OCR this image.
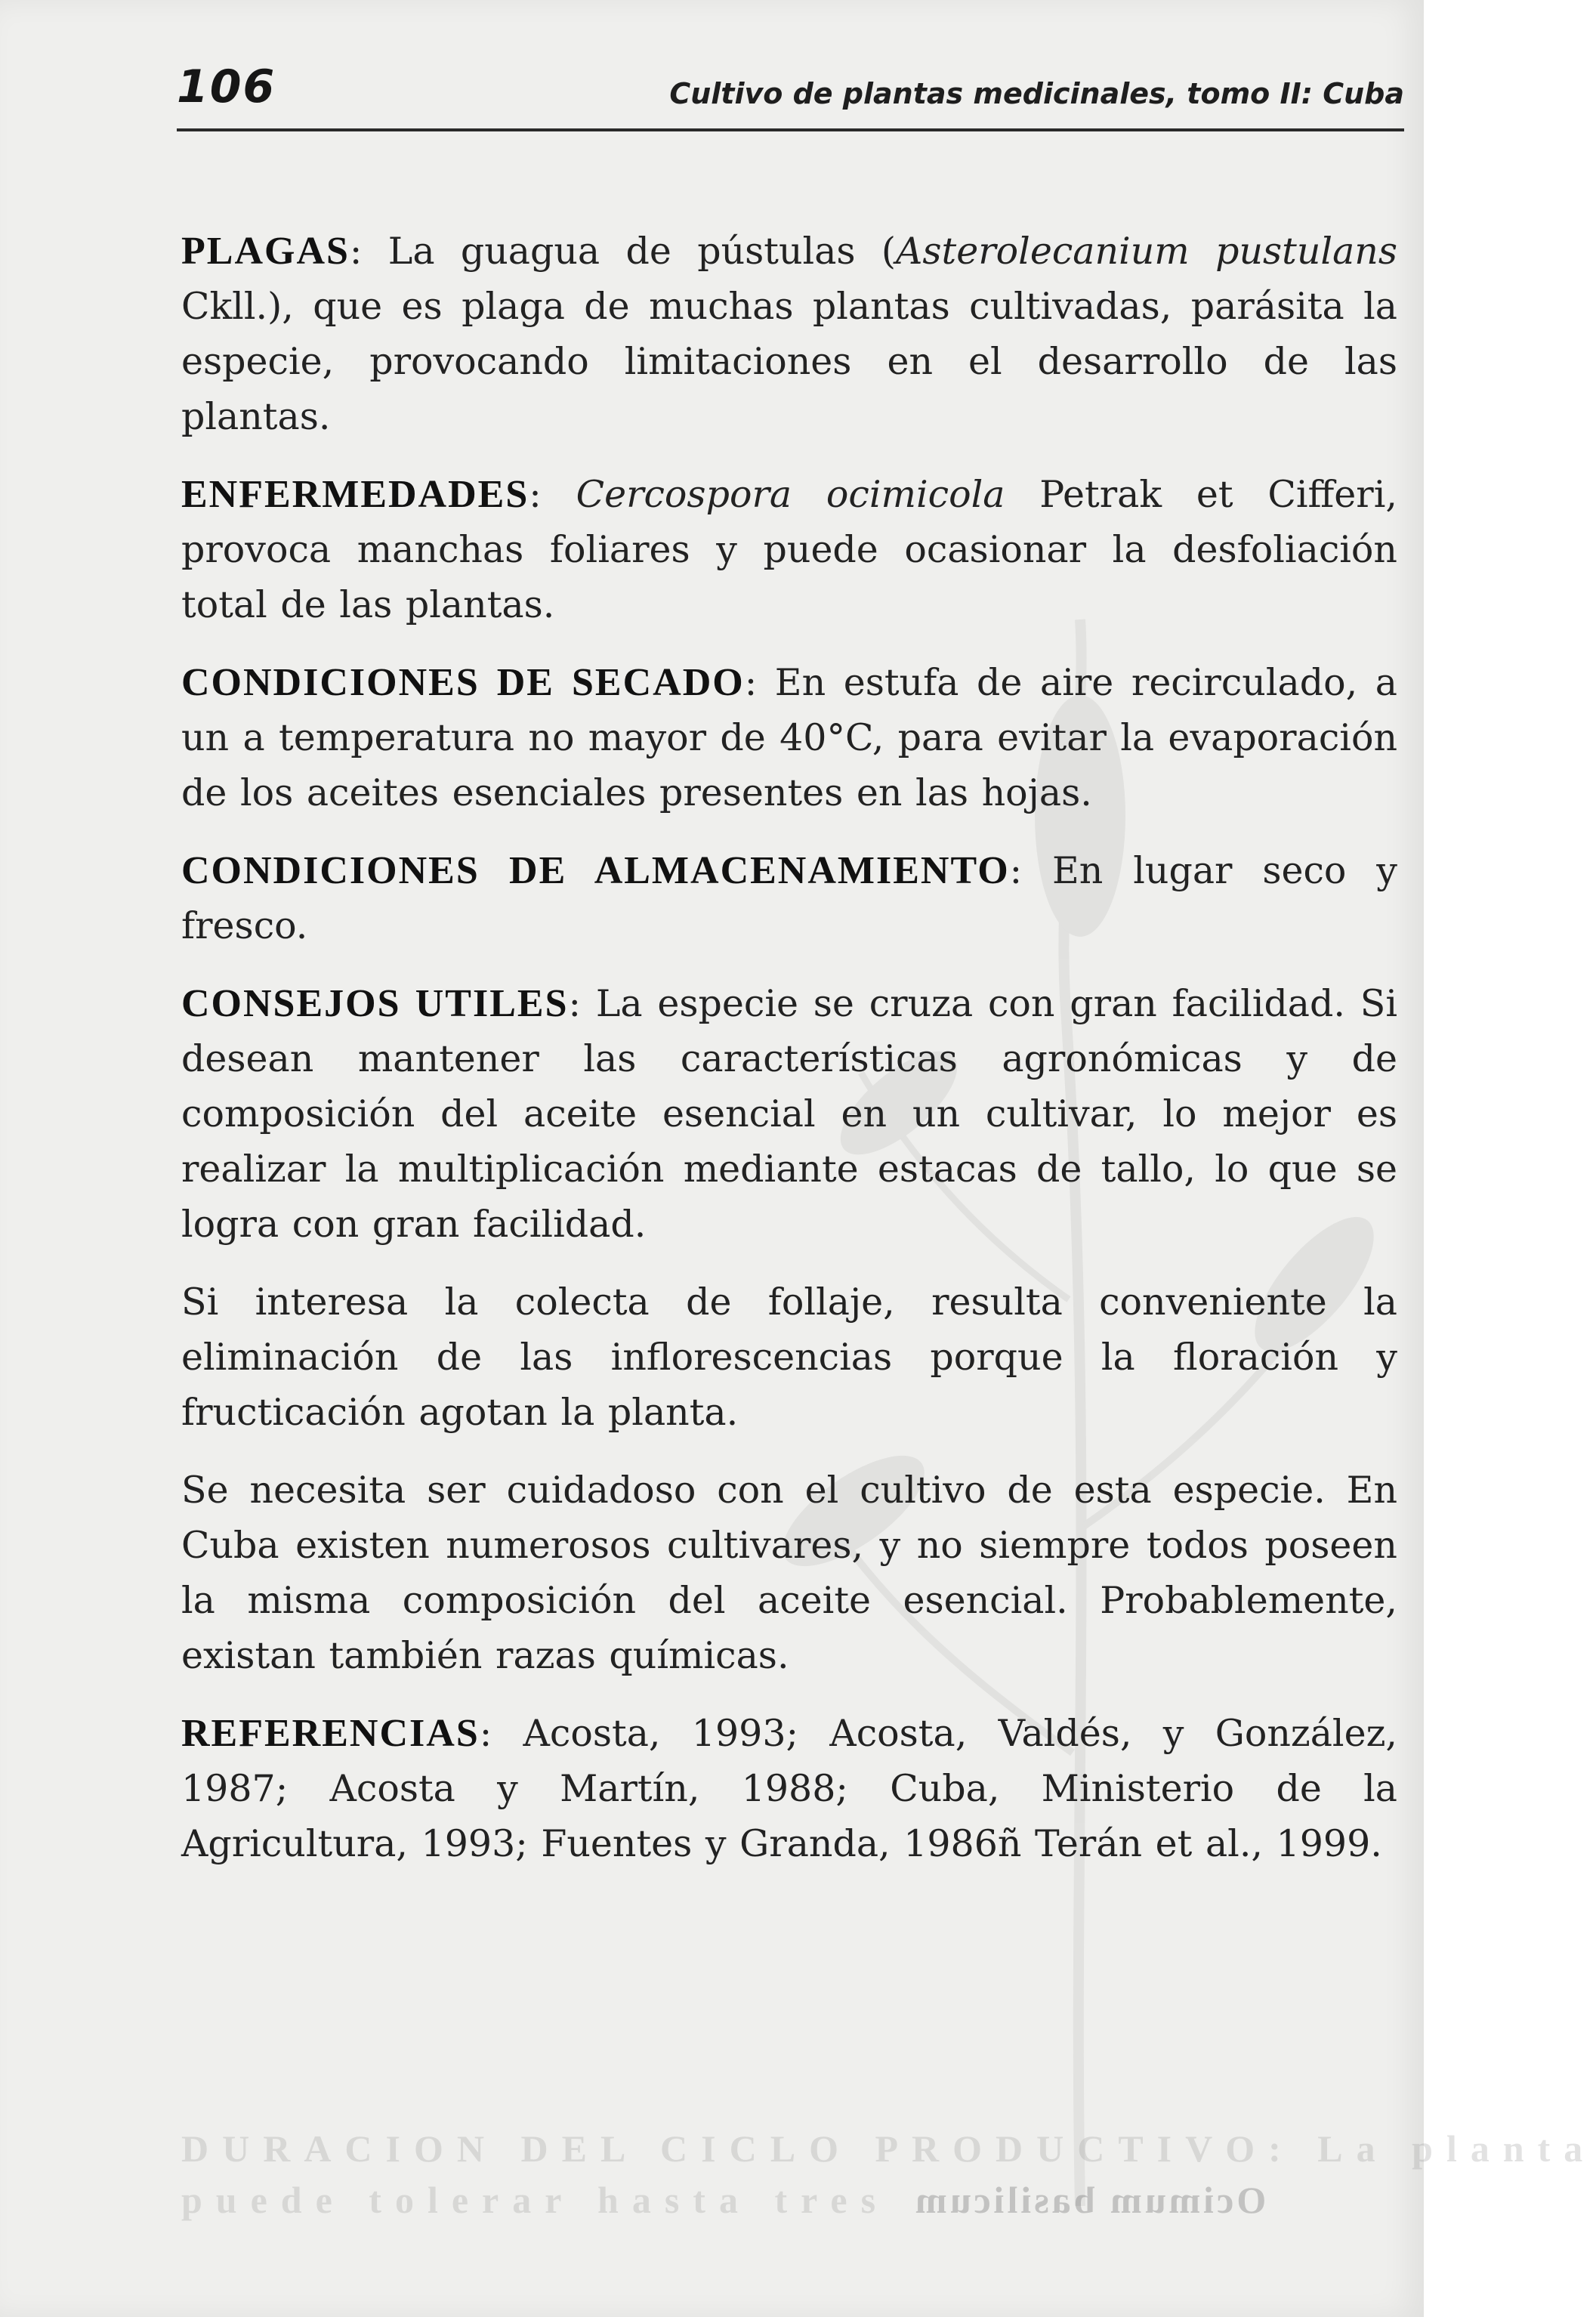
106	Cultivo de plantas medicinales, tomo II: Cuba

PLAGAS: La guagua de pústulas (Asterolecanium pustulans Ckll.), que es plaga de muchas plantas cultivadas, parásita la especie, provocando limitaciones en el desarrollo de las plantas.

ENFERMEDADES: Cercospora ocimicola Petrak et Cifferi, provoca manchas foliares y puede ocasionar la desfoliación total de las plantas.

CONDICIONES DE SECADO: En estufa de aire recirculado, a un a temperatura no mayor de 40°C, para evitar la evaporación de los aceites esenciales presentes en las hojas.

CONDICIONES DE ALMACENAMIENTO: En lugar seco y fresco.

CONSEJOS UTILES: La especie se cruza con gran facilidad. Si desean mantener las características agronómicas y de composición del aceite esencial en un cultivar, lo mejor es realizar la multiplicación mediante estacas de tallo, lo que se logra con gran facilidad.

Si interesa la colecta de follaje, resulta conveniente la eliminación de las inflorescencias porque la floración y fructicación agotan la planta.

Se necesita ser cuidadoso con el cultivo de esta especie. En Cuba existen numerosos cultivares, y no siempre todos poseen la misma composición del aceite esencial. Probablemente, existan también razas químicas.

REFERENCIAS: Acosta, 1993; Acosta, Valdés, y González, 1987; Acosta y Martín, 1988; Cuba, Ministerio de la Agricultura, 1993; Fuentes y Granda, 1986ñ Terán et al., 1999.

DURACION DEL CICLO PRODUCTIVO: La planta
puede tolerar hasta tres Ocimum basilicum
